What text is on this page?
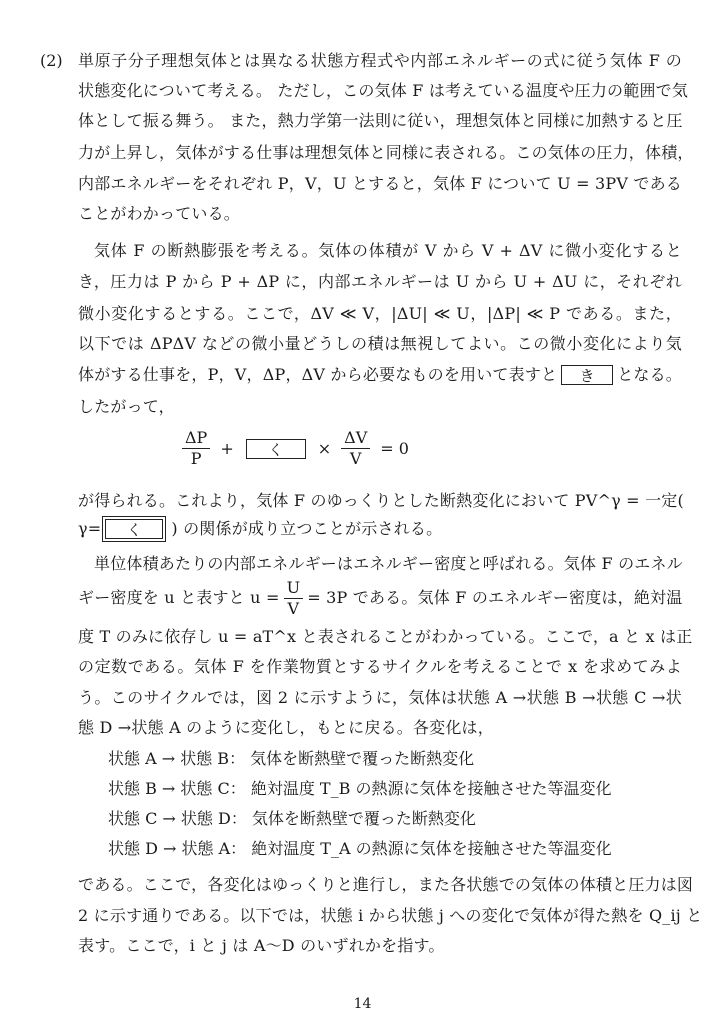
(2) 単原子分子理想気体とは異なる状態方程式や内部エネルギーの式に従う気体 F の
状態変化について考える。 ただし，この気体 F は考えている温度や圧力の範囲で気
体として振る舞う。 また，熱力学第一法則に従い，理想気体と同様に加熱すると圧
力が上昇し，気体がする仕事は理想気体と同様に表される。この気体の圧力，体積，
内部エネルギーをそれぞれ P，V，U とすると，気体 F について U = 3PV である
ことがわかっている。
気体 F の断熱膨張を考える。気体の体積が V から V + ΔV に微小変化すると
き，圧力は P から P + ΔP に，内部エネルギーは U から U + ΔU に，それぞれ
微小変化するとする。ここで，ΔV ≪ V，|ΔU| ≪ U，|ΔP| ≪ P である。また，
以下では ΔPΔV などの微小量どうしの積は無視してよい。この微小変化により気
体がする仕事を，P，V，ΔP，ΔV から必要なものを用いて表すと	き	となる。
したがって，
$\frac{\Delta P}{P}$ +	く	× $\frac{\Delta V}{V} = 0$
が得られる。これより，気体 F のゆっくりとした断熱変化において PV^γ = 一定(
γ=	く	) の関係が成り立つことが示される。
単位体積あたりの内部エネルギーはエネルギー密度と呼ばれる。気体 F のエネル
ギー密度を u と表すと $u = \frac{U}{V} = 3P$ である。気体 F のエネルギー密度は，絶対温
度 T のみに依存し u = aT^x と表されることがわかっている。ここで，a と x は正
の定数である。気体 F を作業物質とするサイクルを考えることで x を求めてみよ
う。このサイクルでは，図 2 に示すように，気体は状態 A →状態 B →状態 C →状
態 D →状態 A のように変化し，もとに戻る。各変化は，
状態 A → 状態 B： 気体を断熱壁で覆った断熱変化
状態 B → 状態 C： 絶対温度 T_B の熱源に気体を接触させた等温変化
状態 C → 状態 D： 気体を断熱壁で覆った断熱変化
状態 D → 状態 A： 絶対温度 T_A の熱源に気体を接触させた等温変化
である。ここで，各変化はゆっくりと進行し，また各状態での気体の体積と圧力は図
2 に示す通りである。以下では，状態 i から状態 j への変化で気体が得た熱を Q_ij と
表す。ここで，i と j は A〜D のいずれかを指す。
14
